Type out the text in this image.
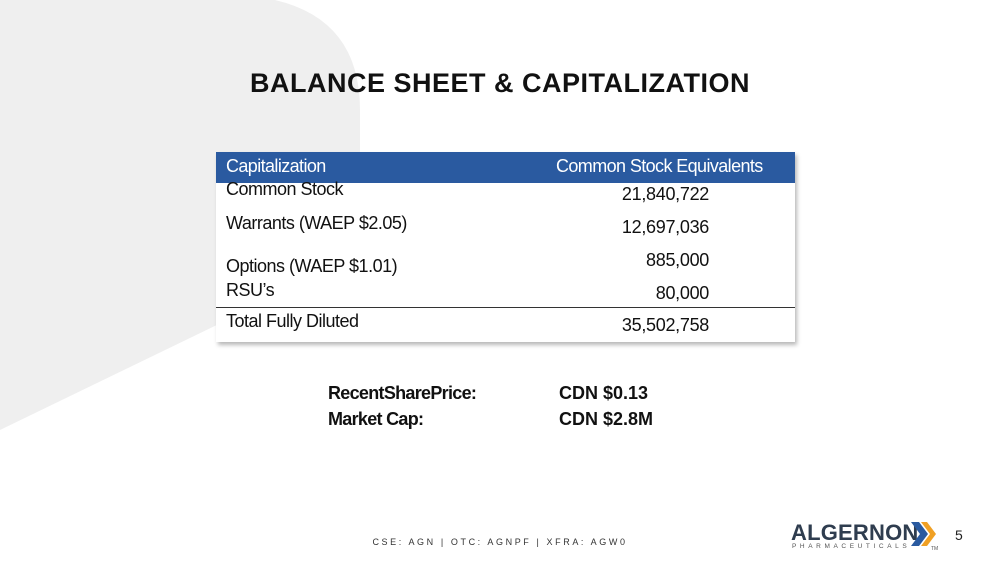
BALANCE SHEET & CAPITALIZATION
Capitalization	Common Stock Equivalents
Common Stock	21,840,722
Warrants (WAEP $2.05)	12,697,036
Options (WAEP $1.01)	885,000
RSU’s	80,000
Total Fully Diluted	35,502,758
RecentSharePrice:	CDN $0.13
Market Cap:	CDN $2.8M
CSE: AGN | OTC: AGNPF | XFRA: AGW0	ALGERNON
PHARMACEUTICALS	TM
5
